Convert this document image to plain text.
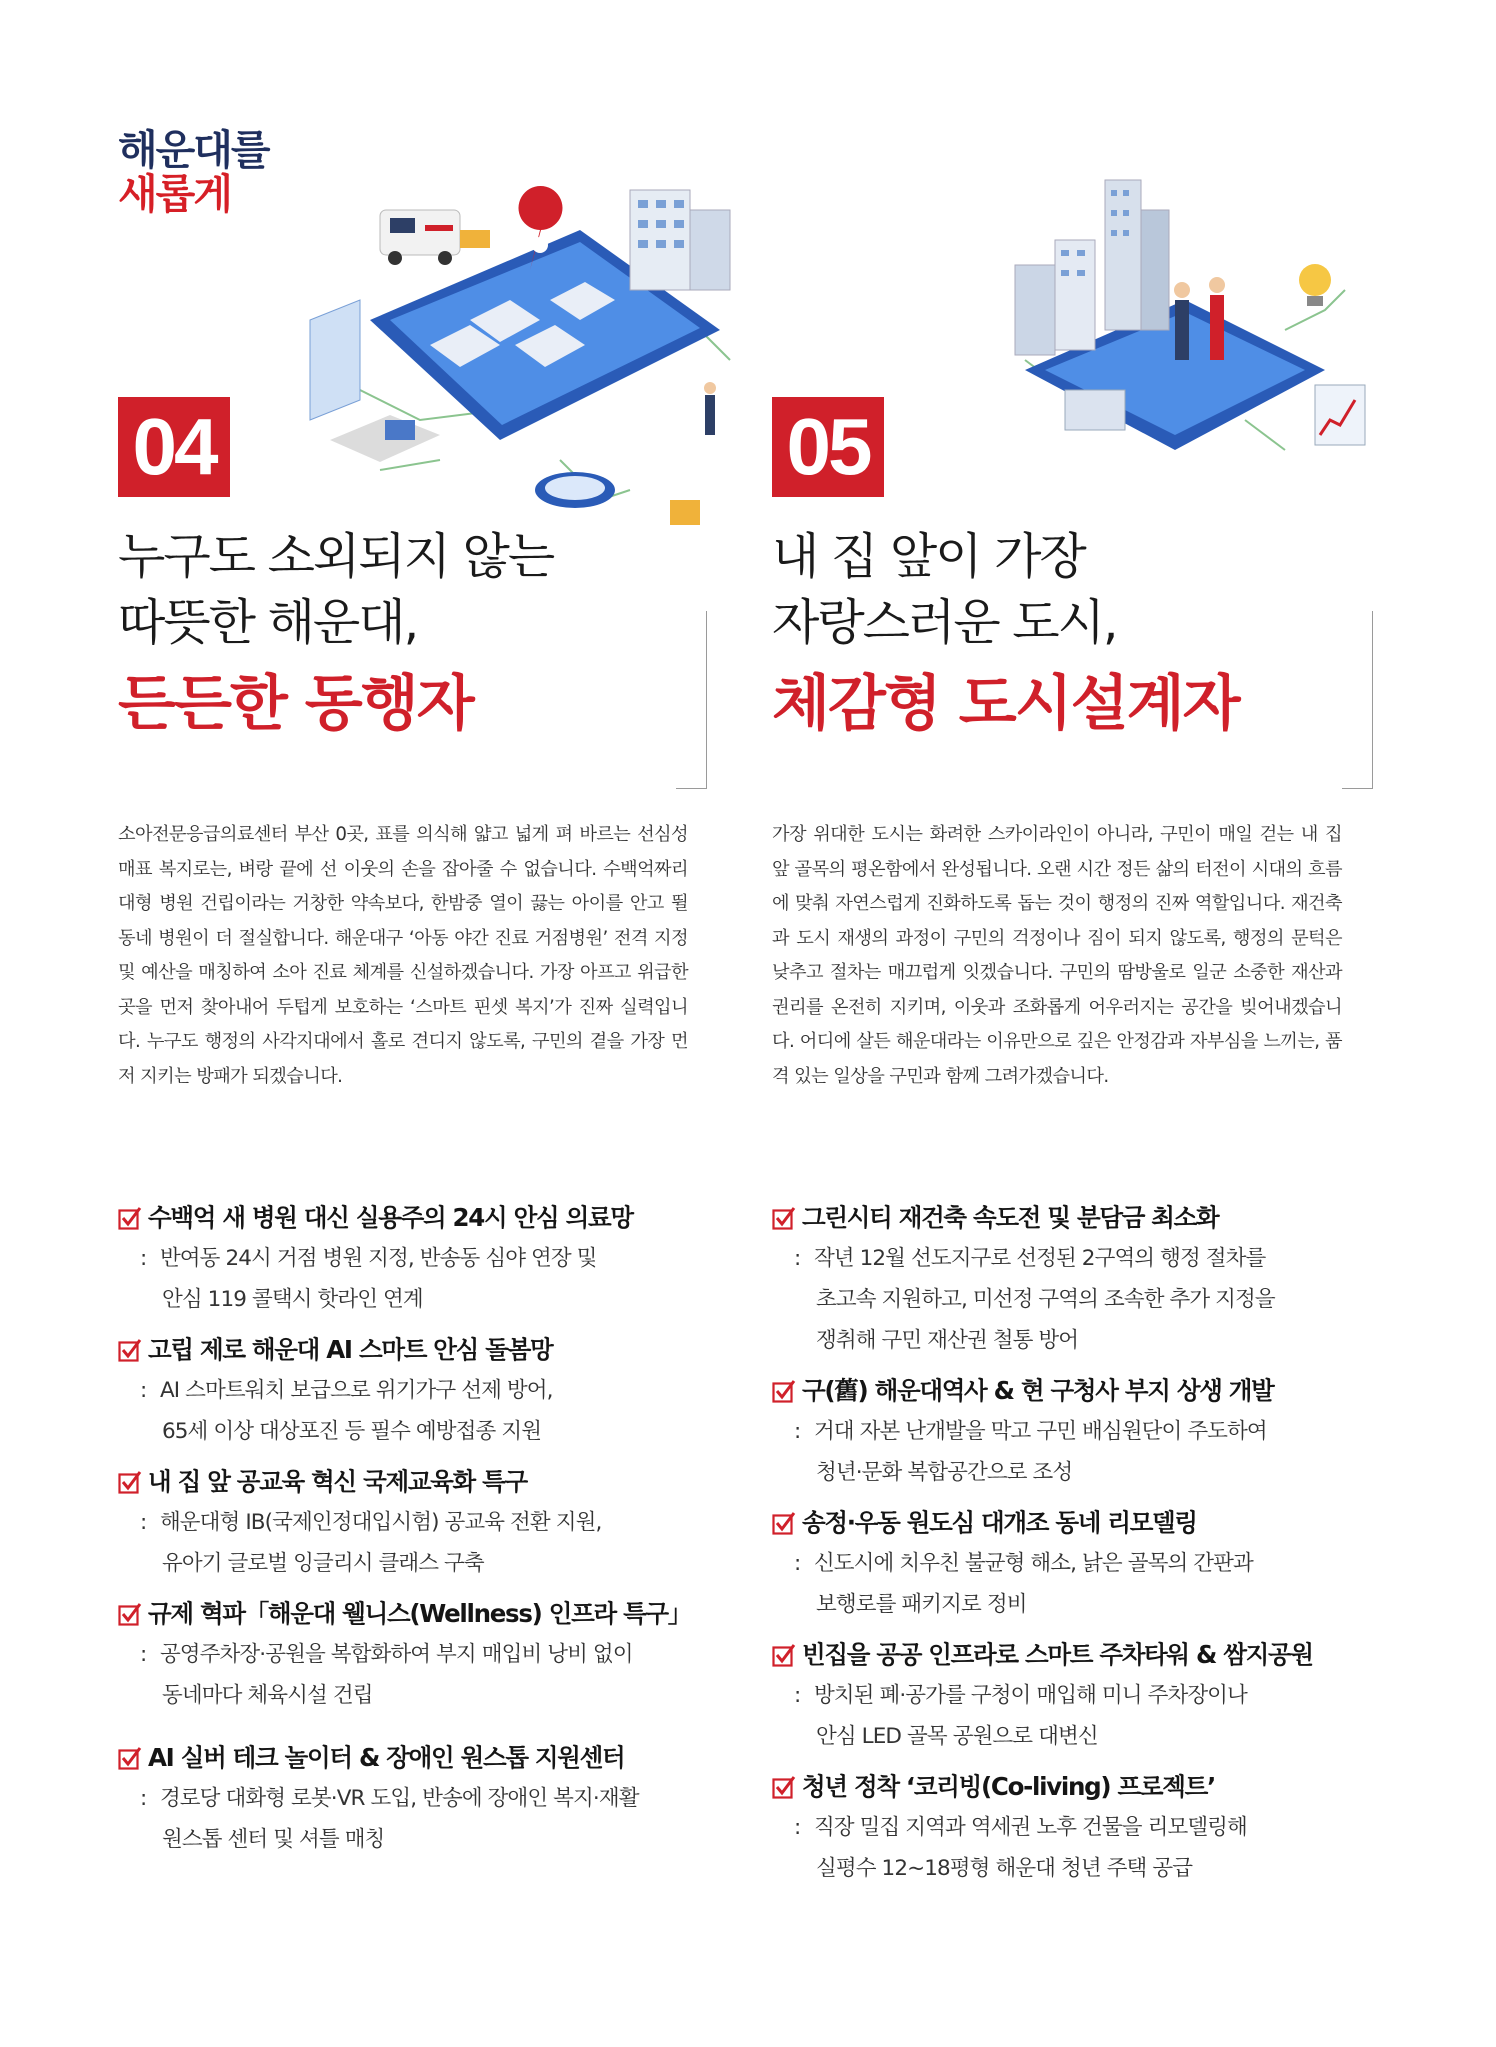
해운대를
새롭게
04
누구도 소외되지 않는
따뜻한 해운대,
든든한 동행자
소아전문응급의료센터 부산 0곳, 표를 의식해 얇고 넓게 펴 바르는 선심성 매표 복지로는, 벼랑 끝에 선 이웃의 손을 잡아줄 수 없습니다. 수백억짜리 대형 병원 건립이라는 거창한 약속보다, 한밤중 열이 끓는 아이를 안고 뛸 동네 병원이 더 절실합니다. 해운대구 ‘아동 야간 진료 거점병원’ 전격 지정 및 예산을 매칭하여 소아 진료 체계를 신설하겠습니다. 가장 아프고 위급한 곳을 먼저 찾아내어 두텁게 보호하는 ‘스마트 핀셋 복지’가 진짜 실력입니다. 누구도 행정의 사각지대에서 홀로 견디지 않도록, 구민의 곁을 가장 먼저 지키는 방패가 되겠습니다.
수백억 새 병원 대신 실용주의 24시 안심 의료망
: 반여동 24시 거점 병원 지정, 반송동 심야 연장 및
안심 119 콜택시 핫라인 연계
고립 제로 해운대 AI 스마트 안심 돌봄망
: AI 스마트워치 보급으로 위기가구 선제 방어,
65세 이상 대상포진 등 필수 예방접종 지원
내 집 앞 공교육 혁신 국제교육화 특구
: 해운대형 IB(국제인정대입시험) 공교육 전환 지원,
유아기 글로벌 잉글리시 클래스 구축
규제 혁파「해운대 웰니스(Wellness) 인프라 특구」
: 공영주차장·공원을 복합화하여 부지 매입비 낭비 없이
동네마다 체육시설 건립
AI 실버 테크 놀이터 & 장애인 원스톱 지원센터
: 경로당 대화형 로봇·VR 도입, 반송에 장애인 복지·재활
원스톱 센터 및 셔틀 매칭
05
내 집 앞이 가장
자랑스러운 도시,
체감형 도시설계자
가장 위대한 도시는 화려한 스카이라인이 아니라, 구민이 매일 걷는 내 집 앞 골목의 평온함에서 완성됩니다. 오랜 시간 정든 삶의 터전이 시대의 흐름에 맞춰 자연스럽게 진화하도록 돕는 것이 행정의 진짜 역할입니다. 재건축과 도시 재생의 과정이 구민의 걱정이나 짐이 되지 않도록, 행정의 문턱은 낮추고 절차는 매끄럽게 잇겠습니다. 구민의 땀방울로 일군 소중한 재산과 권리를 온전히 지키며, 이웃과 조화롭게 어우러지는 공간을 빚어내겠습니다. 어디에 살든 해운대라는 이유만으로 깊은 안정감과 자부심을 느끼는, 품격 있는 일상을 구민과 함께 그려가겠습니다.
그린시티 재건축 속도전 및 분담금 최소화
: 작년 12월 선도지구로 선정된 2구역의 행정 절차를
초고속 지원하고, 미선정 구역의 조속한 추가 지정을
쟁취해 구민 재산권 철통 방어
구(舊) 해운대역사 & 현 구청사 부지 상생 개발
: 거대 자본 난개발을 막고 구민 배심원단이 주도하여
청년·문화 복합공간으로 조성
송정·우동 원도심 대개조 동네 리모델링
: 신도시에 치우친 불균형 해소, 낡은 골목의 간판과
보행로를 패키지로 정비
빈집을 공공 인프라로 스마트 주차타워 & 쌈지공원
: 방치된 폐·공가를 구청이 매입해 미니 주차장이나
안심 LED 골목 공원으로 대변신
청년 정착 ‘코리빙(Co-living) 프로젝트’
: 직장 밀집 지역과 역세권 노후 건물을 리모델링해
실평수 12~18평형 해운대 청년 주택 공급
